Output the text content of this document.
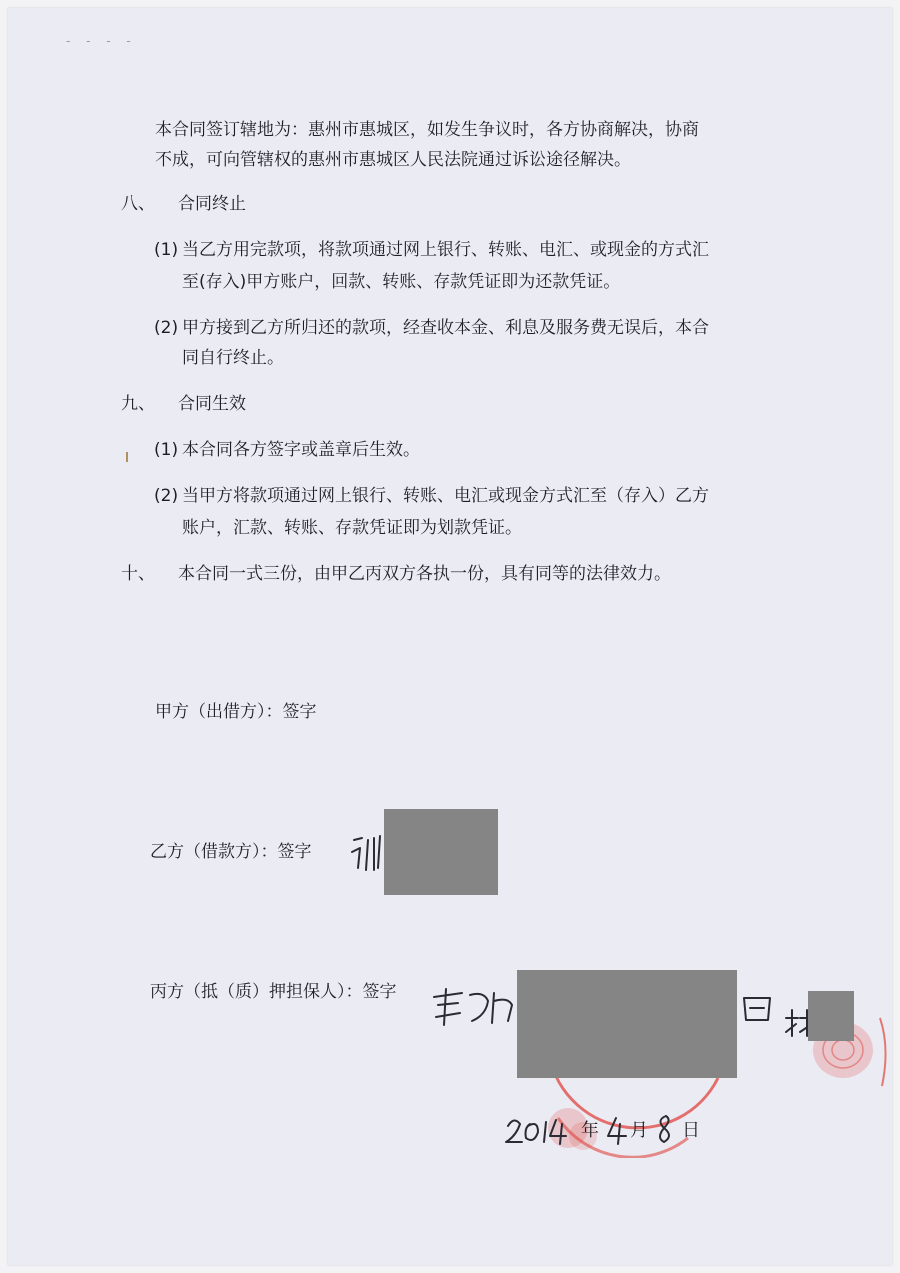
- - - -
本合同签订辖地为：惠州市惠城区，如发生争议时，各方协商解决，协商
不成，可向管辖权的惠州市惠城区人民法院通过诉讼途径解决。
八、 合同终止
(1) 当乙方用完款项，将款项通过网上银行、转账、电汇、或现金的方式汇
至(存入)甲方账户，回款、转账、存款凭证即为还款凭证。
(2) 甲方接到乙方所归还的款项，经查收本金、利息及服务费无误后，本合
同自行终止。
九、 合同生效
(1) 本合同各方签字或盖章后生效。
(2) 当甲方将款项通过网上银行、转账、电汇或现金方式汇至（存入）乙方
账户，汇款、转账、存款凭证即为划款凭证。
十、 本合同一式三份，由甲乙丙双方各执一份，具有同等的法律效力。
甲方（出借方）：签字
乙方（借款方）：签字
丙方（抵（质）押担保人）：签字
年 月 日
